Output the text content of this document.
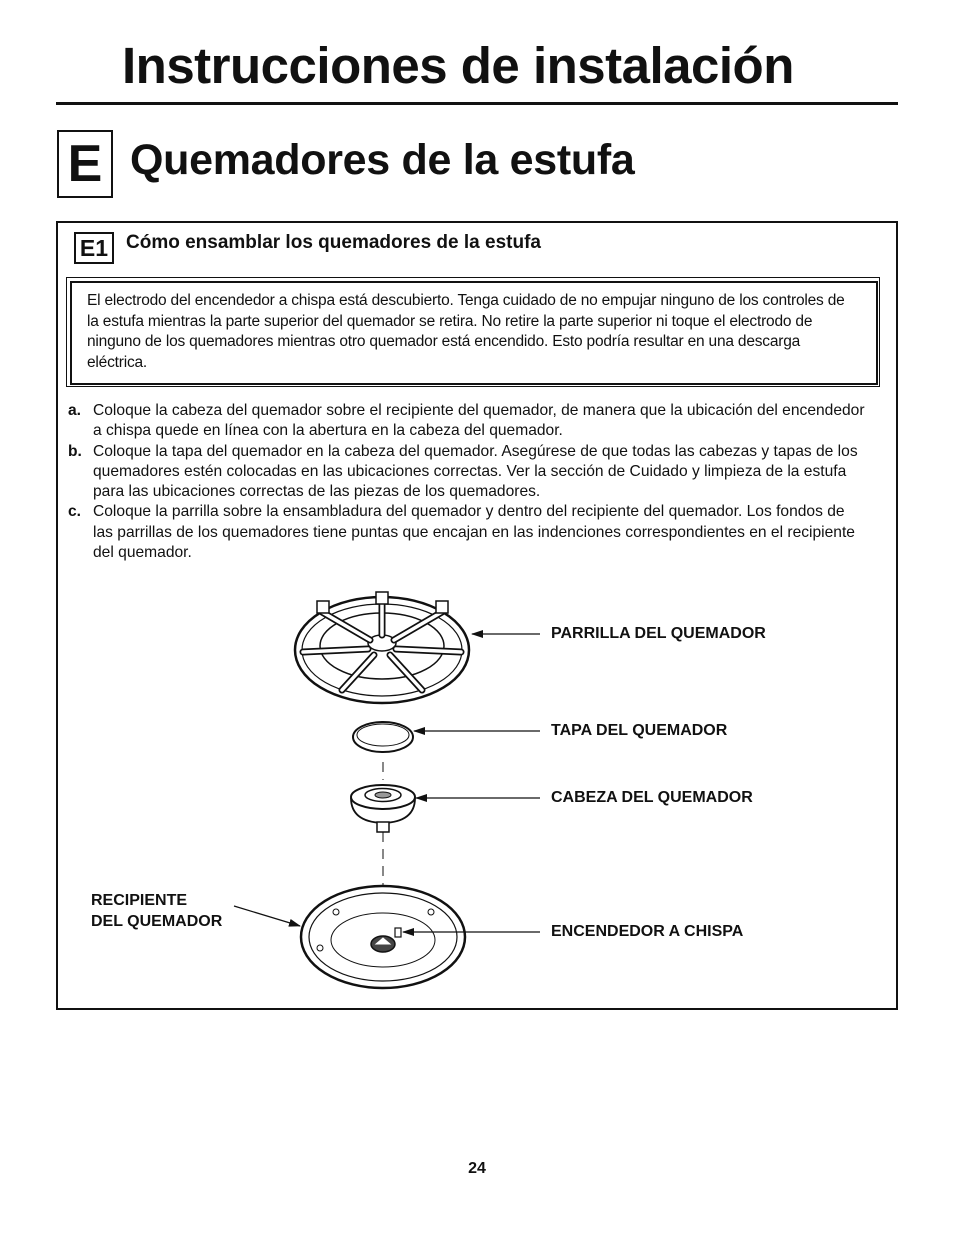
Instrucciones de instalación
E Quemadores de la estufa
E1 Cómo ensamblar los quemadores de la estufa

El electrodo del encendedor a chispa está descubierto. Tenga cuidado de no empujar ninguno de los controles de la estufa mientras la parte superior del quemador se retira. No retire la parte superior ni toque el electrodo de ninguno de los quemadores mientras otro quemador está encendido. Esto podría resultar en una descarga eléctrica.

a. Coloque la cabeza del quemador sobre el recipiente del quemador, de manera que la ubicación del encendedor a chispa quede en línea con la abertura en la cabeza del quemador.
b. Coloque la tapa del quemador en la cabeza del quemador. Asegúrese de que todas las cabezas y tapas de los quemadores estén colocadas en las ubicaciones correctas. Ver la sección de Cuidado y limpieza de la estufa para las ubicaciones correctas de las piezas de los quemadores.
c. Coloque la parrilla sobre la ensambladura del quemador y dentro del recipiente del quemador. Los fondos de las parrillas de los quemadores tiene puntas que encajan en las indenciones correspondientes en el recipiente del quemador.
PARRILLA DEL QUEMADOR
TAPA DEL QUEMADOR
CABEZA DEL QUEMADOR
RECIPIENTE
DEL QUEMADOR
ENCENDEDOR A CHISPA
24
